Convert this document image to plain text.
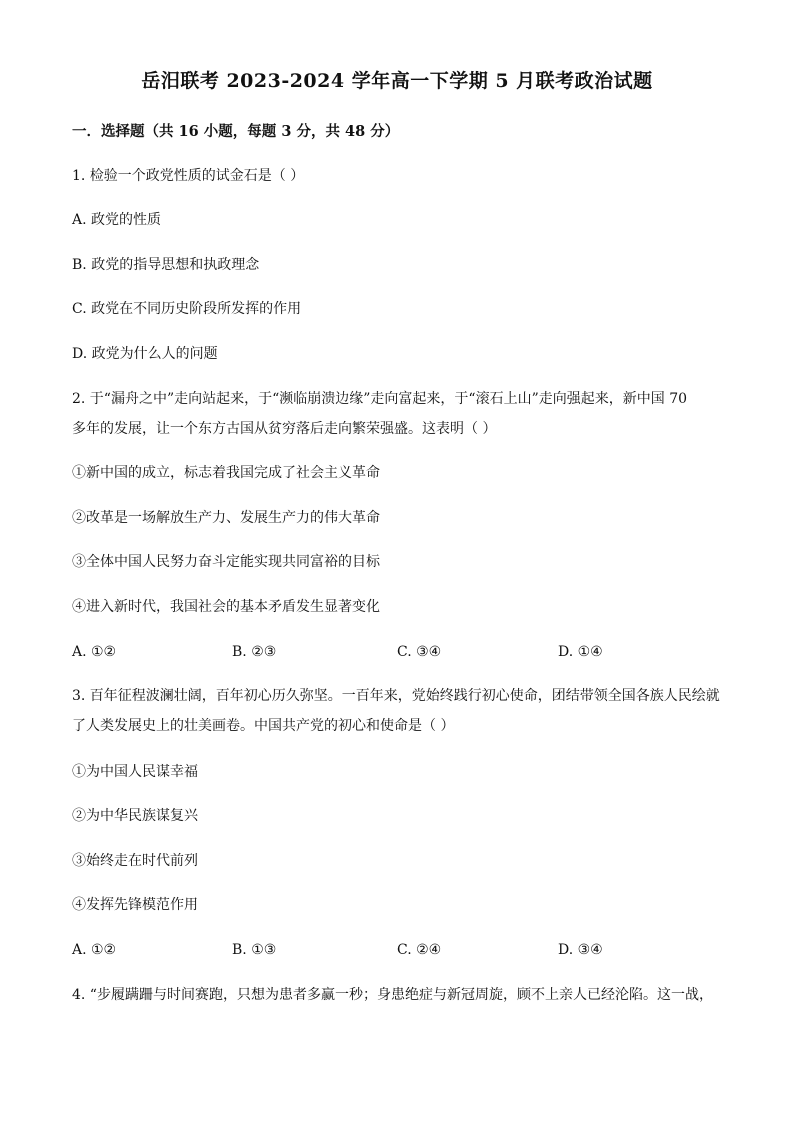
岳汨联考 2023-2024 学年高一下学期 5 月联考政治试题
一．选择题（共 16 小题，每题 3 分，共 48 分）
1. 检验一个政党性质的试金石是（ ）
A. 政党的性质
B. 政党的指导思想和执政理念
C. 政党在不同历史阶段所发挥的作用
D. 政党为什么人的问题
2. 于“漏舟之中”走向站起来，于“濒临崩溃边缘”走向富起来，于“滚石上山”走向强起来，新中国 70
多年的发展，让一个东方古国从贫穷落后走向繁荣强盛。这表明（ ）
①新中国的成立，标志着我国完成了社会主义革命
②改革是一场解放生产力、发展生产力的伟大革命
③全体中国人民努力奋斗定能实现共同富裕的目标
④进入新时代，我国社会的基本矛盾发生显著变化
A. ①②	B. ②③	C. ③④	D. ①④
3. 百年征程波澜壮阔，百年初心历久弥坚。一百年来，党始终践行初心使命，团结带领全国各族人民绘就
了人类发展史上的壮美画卷。中国共产党的初心和使命是（ ）
①为中国人民谋幸福
②为中华民族谋复兴
③始终走在时代前列
④发挥先锋模范作用
A. ①②	B. ①③	C. ②④	D. ③④
4. “步履蹒跚与时间赛跑，只想为患者多赢一秒；身患绝症与新冠周旋，顾不上亲人已经沦陷。这一战，
